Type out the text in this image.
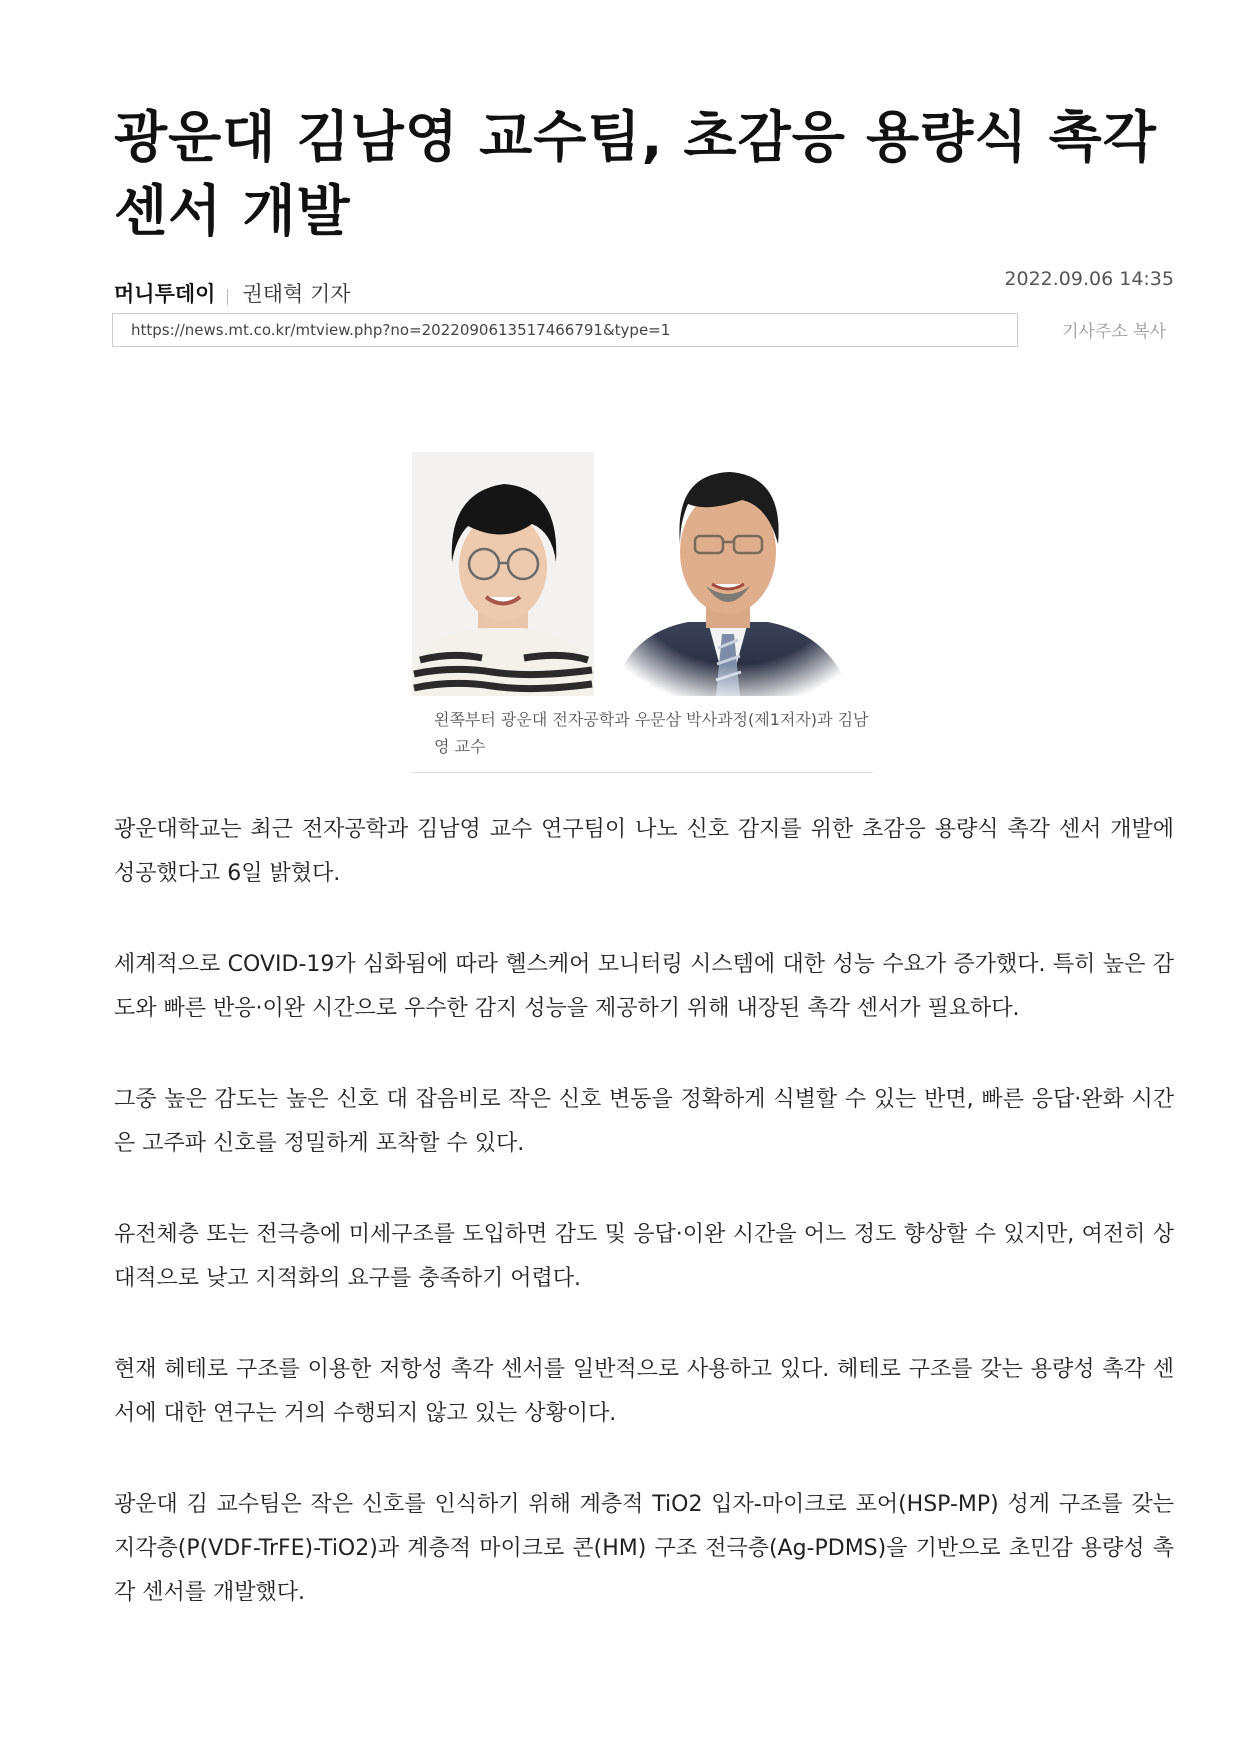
광운대 김남영 교수팀, 초감응 용량식 촉각 센서 개발
머니투데이 권태혁 기자
2022.09.06 14:35
https://news.mt.co.kr/mtview.php?no=2022090613517466791&type=1	기사주소 복사
왼쪽부터 광운대 전자공학과 우문삼 박사과정(제1저자)과 김남영 교수

광운대학교는 최근 전자공학과 김남영 교수 연구팀이 나노 신호 감지를 위한 초감응 용량식 촉각 센서 개발에 성공했다고 6일 밝혔다.

세계적으로 COVID-19가 심화됨에 따라 헬스케어 모니터링 시스템에 대한 성능 수요가 증가했다. 특히 높은 감도와 빠른 반응·이완 시간으로 우수한 감지 성능을 제공하기 위해 내장된 촉각 센서가 필요하다.

그중 높은 감도는 높은 신호 대 잡음비로 작은 신호 변동을 정확하게 식별할 수 있는 반면, 빠른 응답·완화 시간은 고주파 신호를 정밀하게 포착할 수 있다.

유전체층 또는 전극층에 미세구조를 도입하면 감도 및 응답·이완 시간을 어느 정도 향상할 수 있지만, 여전히 상대적으로 낮고 지적화의 요구를 충족하기 어렵다.

현재 헤테로 구조를 이용한 저항성 촉각 센서를 일반적으로 사용하고 있다. 헤테로 구조를 갖는 용량성 촉각 센서에 대한 연구는 거의 수행되지 않고 있는 상황이다.

광운대 김 교수팀은 작은 신호를 인식하기 위해 계층적 TiO2 입자-마이크로 포어(HSP-MP) 성게 구조를 갖는 지각층(P(VDF-TrFE)-TiO2)과 계층적 마이크로 콘(HM) 구조 전극층(Ag-PDMS)을 기반으로 초민감 용량성 촉각 센서를 개발했다.
